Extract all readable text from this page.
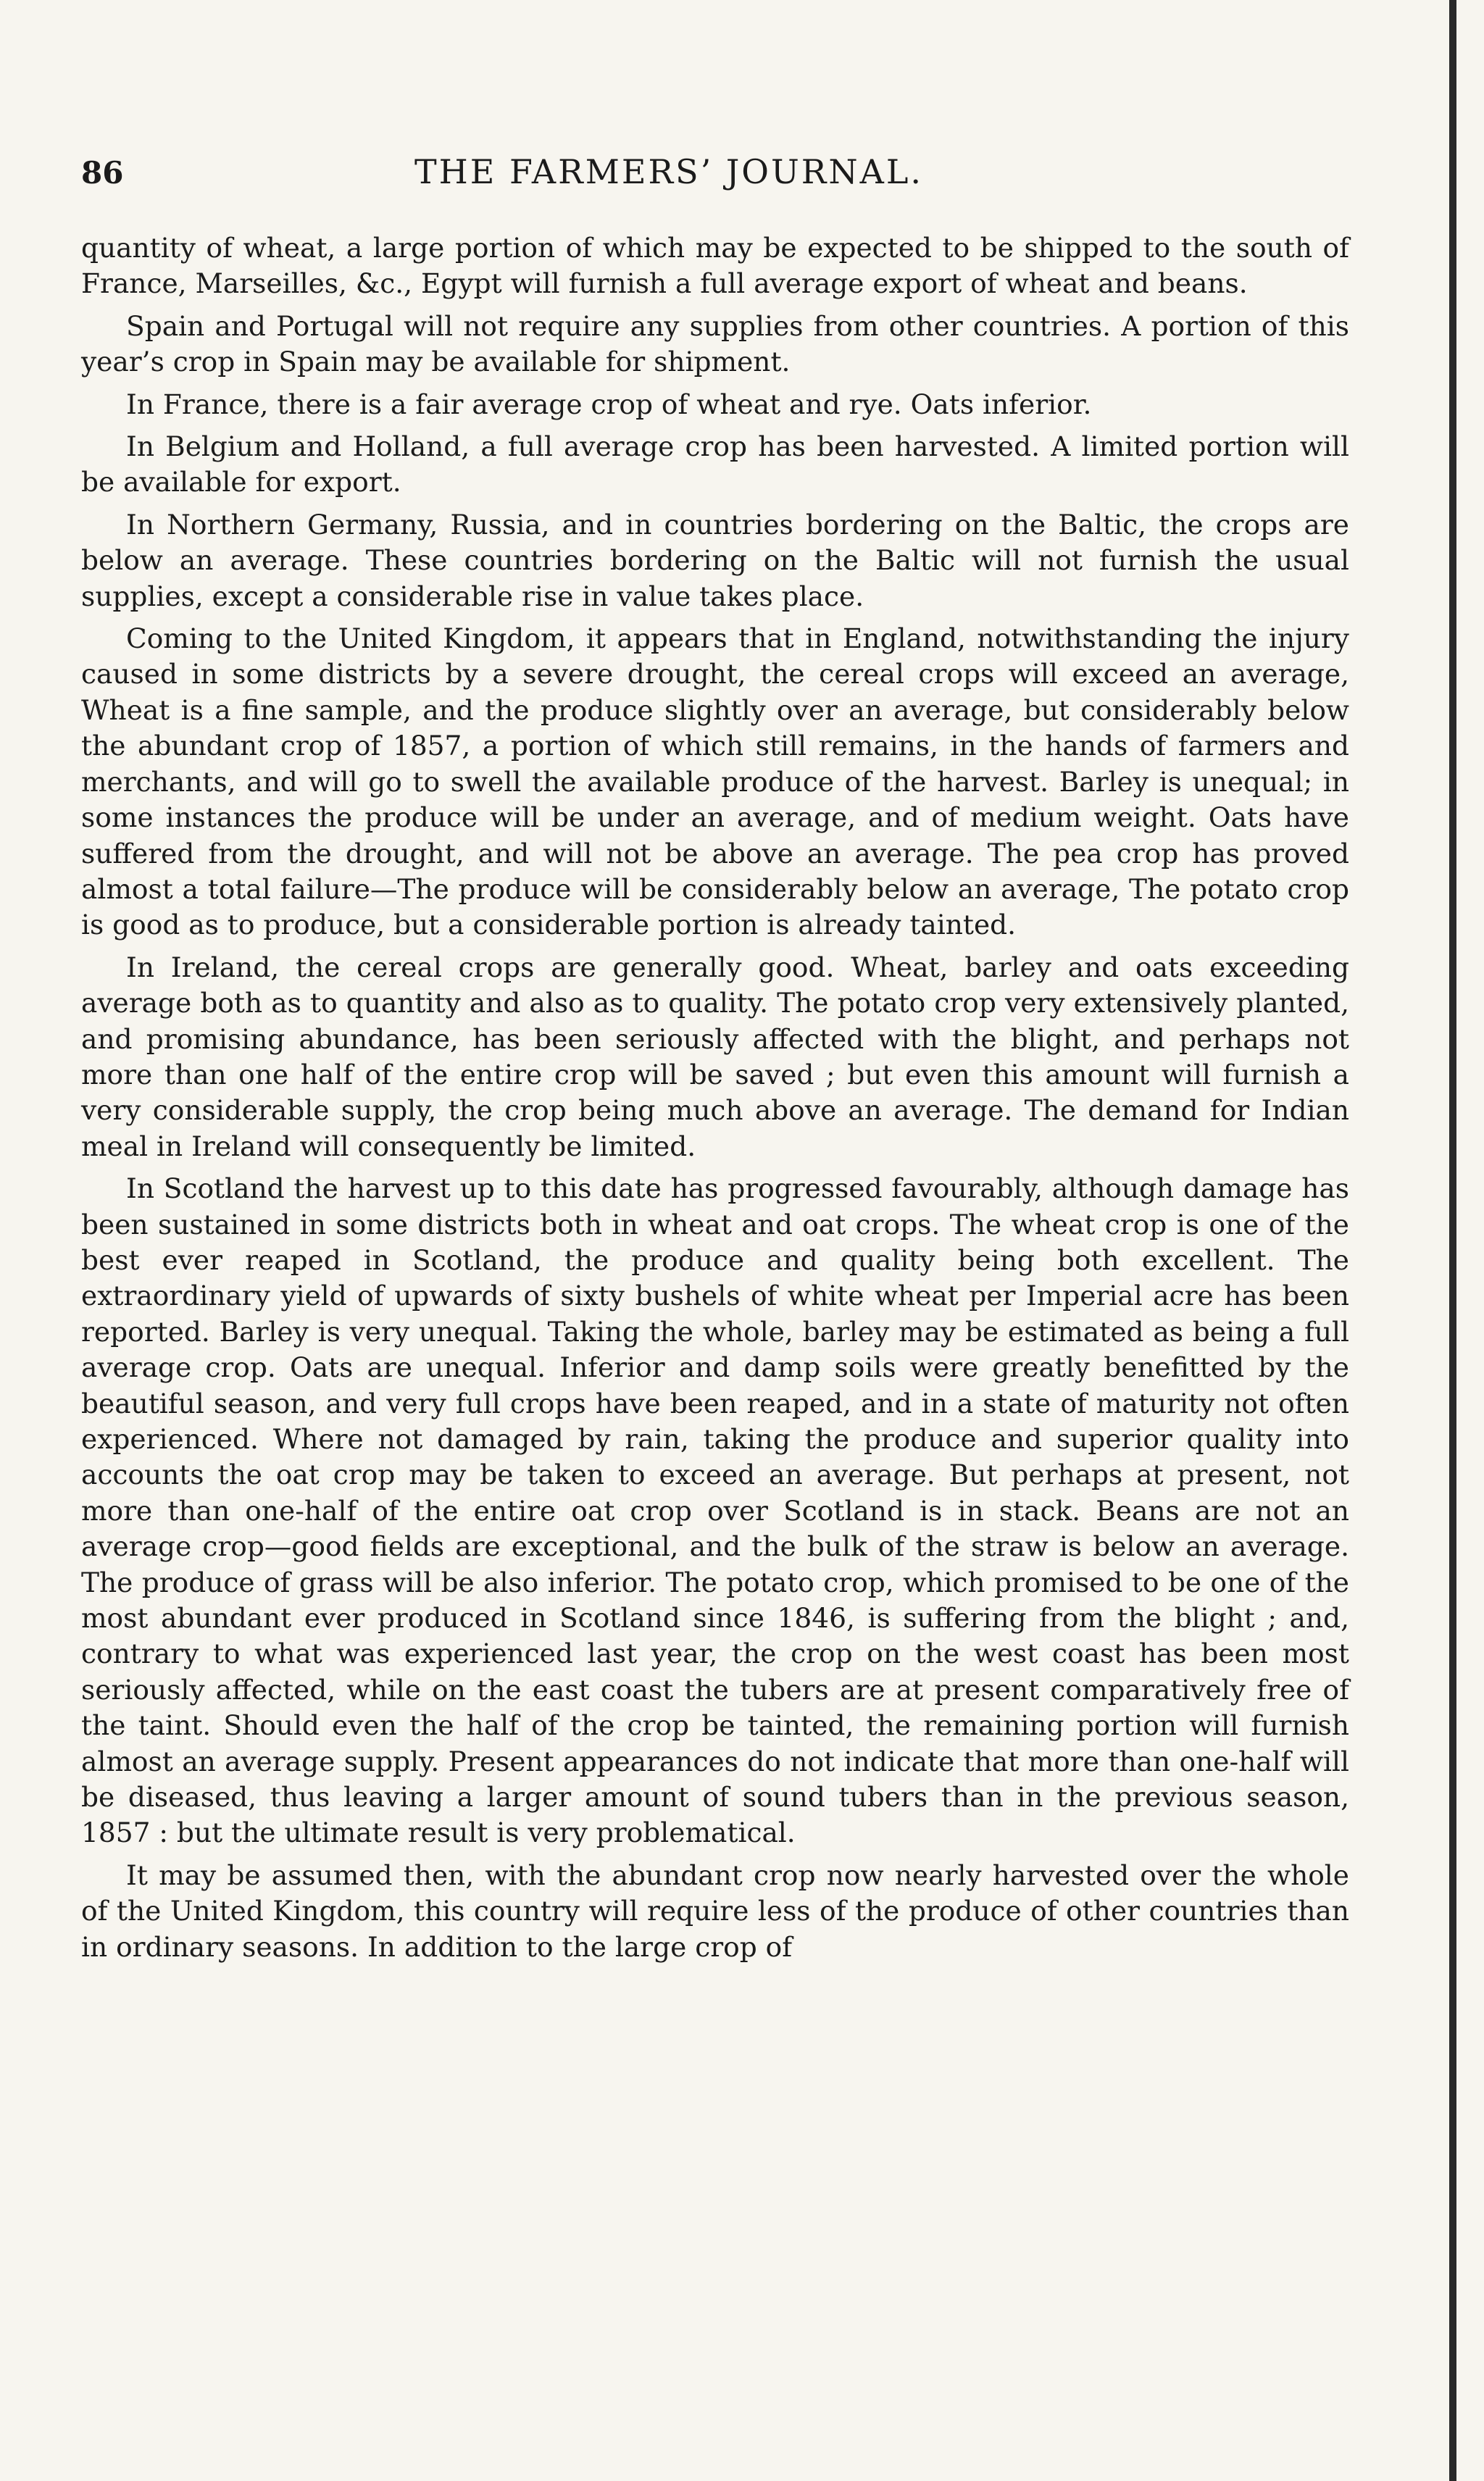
86	THE FARMERS’ JOURNAL.

quantity of wheat, a large portion of which may be expected to be shipped to the south of France, Marseilles, &c., Egypt will furnish a full average export of wheat and beans.

Spain and Portugal will not require any supplies from other countries. A portion of this year’s crop in Spain may be available for shipment.

In France, there is a fair average crop of wheat and rye. Oats inferior.

In Belgium and Holland, a full average crop has been harvested. A limited portion will be available for export.

In Northern Germany, Russia, and in countries bordering on the Baltic, the crops are below an average. These countries bordering on the Baltic will not furnish the usual supplies, except a considerable rise in value takes place.

Coming to the United Kingdom, it appears that in England, notwithstanding the injury caused in some districts by a severe drought, the cereal crops will exceed an average, Wheat is a fine sample, and the produce slightly over an average, but considerably below the abundant crop of 1857, a portion of which still remains, in the hands of farmers and merchants, and will go to swell the available produce of the harvest. Barley is unequal; in some instances the produce will be under an average, and of medium weight. Oats have suffered from the drought, and will not be above an average. The pea crop has proved almost a total failure—The produce will be considerably below an average, The potato crop is good as to produce, but a considerable portion is already tainted.

In Ireland, the cereal crops are generally good. Wheat, barley and oats exceeding average both as to quantity and also as to quality. The potato crop very extensively planted, and promising abundance, has been seriously affected with the blight, and perhaps not more than one half of the entire crop will be saved ; but even this amount will furnish a very considerable supply, the crop being much above an average. The demand for Indian meal in Ireland will consequently be limited.

In Scotland the harvest up to this date has progressed favourably, although damage has been sustained in some districts both in wheat and oat crops. The wheat crop is one of the best ever reaped in Scotland, the produce and quality being both excellent. The extraordinary yield of upwards of sixty bushels of white wheat per Imperial acre has been reported. Barley is very unequal. Taking the whole, barley may be estimated as being a full average crop. Oats are unequal. Inferior and damp soils were greatly benefitted by the beautiful season, and very full crops have been reaped, and in a state of maturity not often experienced. Where not damaged by rain, taking the produce and superior quality into accounts the oat crop may be taken to exceed an average. But perhaps at present, not more than one-half of the entire oat crop over Scotland is in stack. Beans are not an average crop—good fields are exceptional, and the bulk of the straw is below an average. The produce of grass will be also inferior. The potato crop, which promised to be one of the most abundant ever produced in Scotland since 1846, is suffering from the blight ; and, contrary to what was experienced last year, the crop on the west coast has been most seriously affected, while on the east coast the tubers are at present comparatively free of the taint. Should even the half of the crop be tainted, the remaining portion will furnish almost an average supply. Present appearances do not indicate that more than one-half will be diseased, thus leaving a larger amount of sound tubers than in the previous season, 1857 : but the ultimate result is very problematical.

It may be assumed then, with the abundant crop now nearly harvested over the whole of the United Kingdom, this country will require less of the produce of other countries than in ordinary seasons. In addition to the large crop of
